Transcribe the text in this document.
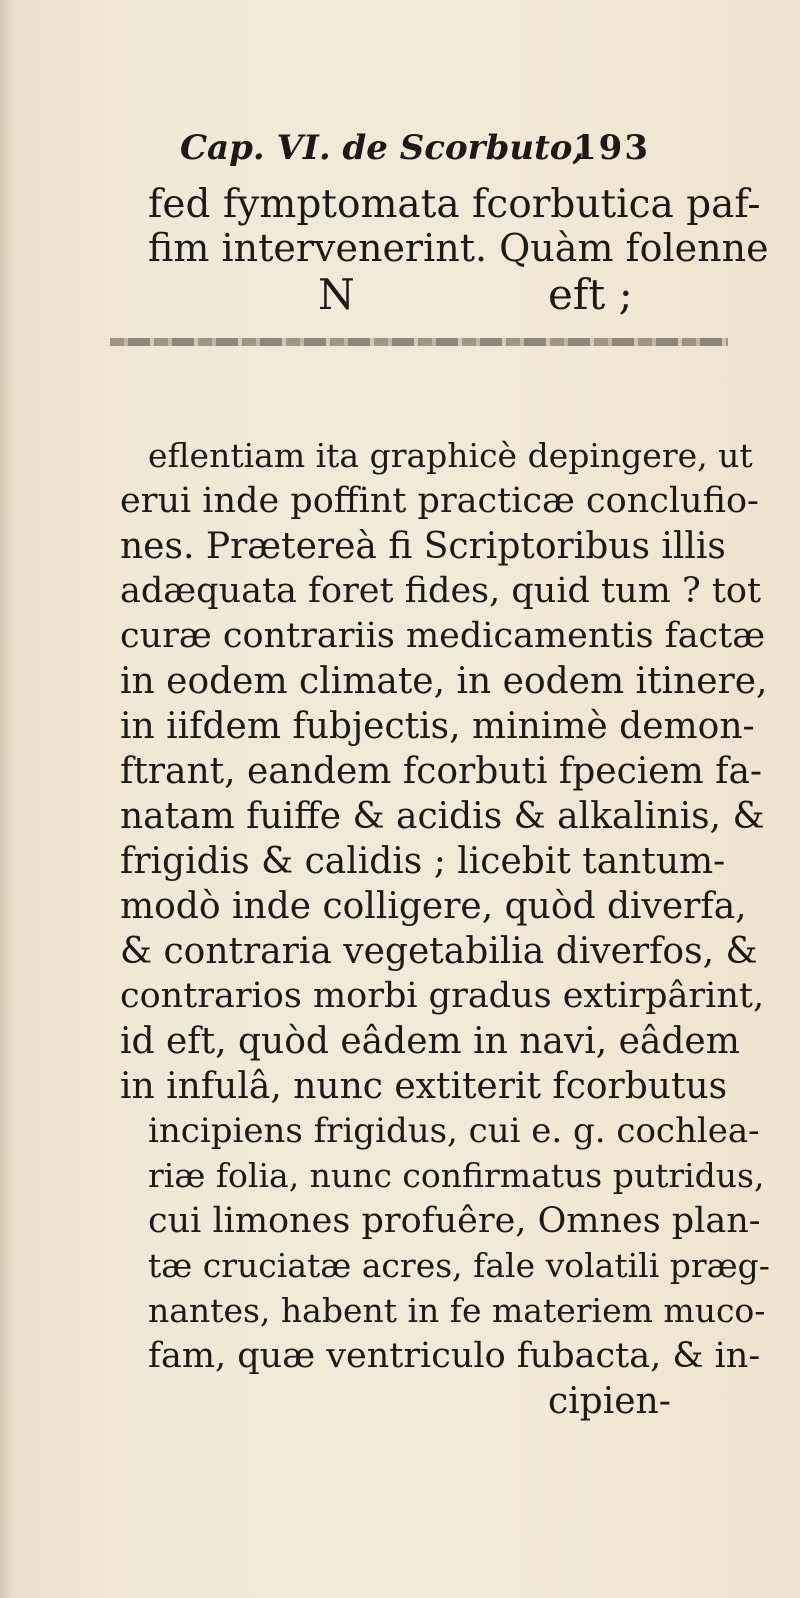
Cap. VI. de Scorbuto,
193
fed fymptomata fcorbutica paf-
fim intervenerint. Quàm folenne
N	eft ;
eflentiam ita graphicè depingere, ut
erui inde poffint practicæ conclufio-
nes. Prætereà fi Scriptoribus illis
adæquata foret fides, quid tum ? tot
curæ contrariis medicamentis factæ
in eodem climate, in eodem itinere,
in iifdem fubjectis, minimè demon-
ftrant, eandem fcorbuti fpeciem fa-
natam fuiffe & acidis & alkalinis, &
frigidis & calidis ; licebit tantum-
modò inde colligere, quòd diverfa,
& contraria vegetabilia diverfos, &
contrarios morbi gradus extirpârint,
id eft, quòd eâdem in navi, eâdem
in infulâ, nunc extiterit fcorbutus
incipiens frigidus, cui e. g. cochlea-
riæ folia, nunc confirmatus putridus,
cui limones profuêre, Omnes plan-
tæ cruciatæ acres, fale volatili præg-
nantes, habent in fe materiem muco-
fam, quæ ventriculo fubacta, & in-
cipien-
